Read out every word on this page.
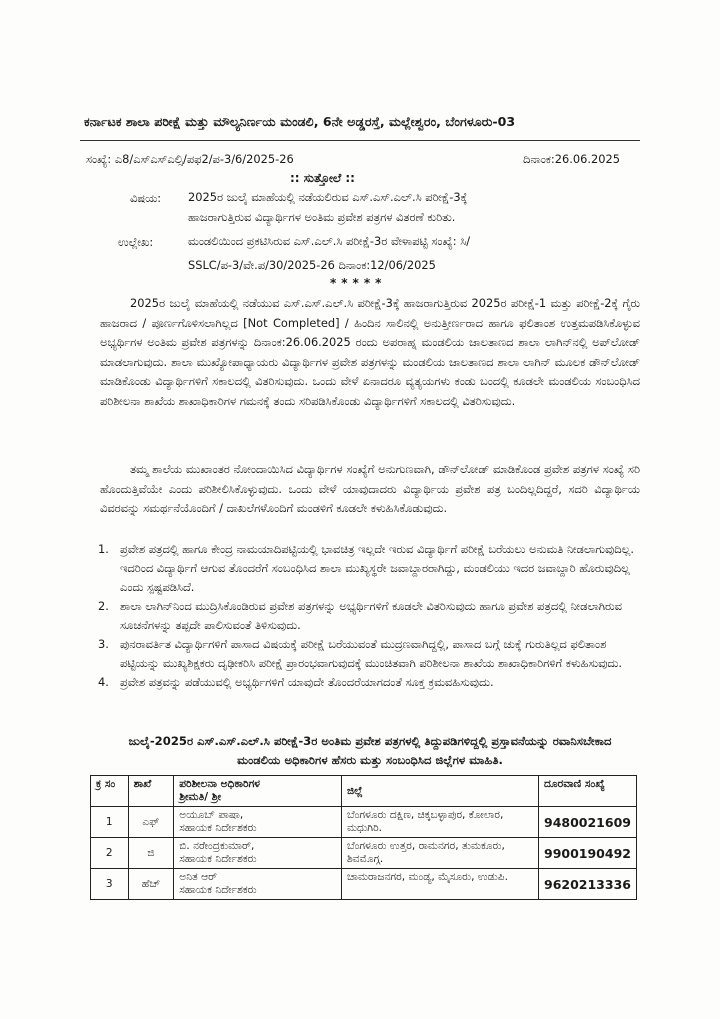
ಕರ್ನಾಟಕ ಶಾಲಾ ಪರೀಕ್ಷೆ ಮತ್ತು ಮೌಲ್ಯನಿರ್ಣಯ ಮಂಡಲಿ, 6ನೇ ಅಡ್ಡರಸ್ತೆ, ಮಲ್ಲೇಶ್ವರಂ, ಬೆಂಗಳೂರು-03
ಸಂಖ್ಯೆ: ಎ8/ಎಸ್ಎಸ್ಎಲ್ಸಿ/ಪಫ2/ಪ-3/6/2025-26	ದಿನಾಂಕ:26.06.2025
:: ಸುತ್ತೋಲೆ ::
ವಿಷಯ: 2025ರ ಜುಲೈ ಮಾಹೆಯಲ್ಲಿ ನಡೆಯಲಿರುವ ಎಸ್.ಎಸ್.ಎಲ್.ಸಿ ಪರೀಕ್ಷೆ-3ಕ್ಕೆ
ಹಾಜರಾಗುತ್ತಿರುವ ವಿದ್ಯಾರ್ಥಿಗಳ ಅಂತಿಮ ಪ್ರವೇಶ ಪತ್ರಗಳ ವಿತರಣೆ ಕುರಿತು.
ಉಲ್ಲೇಖ:	ಮಂಡಲಿಯಿಂದ ಪ್ರಕಟಿಸಿರುವ ಎಸ್.ಎಲ್.ಸಿ ಪರೀಕ್ಷೆ-3ರ ವೇಳಾಪಟ್ಟಿ ಸಂಖ್ಯೆ: ಸಿ/
SSLC/ಪ-3/ವೇ.ಪ/30/2025-26 ದಿನಾಂಕ:12/06/2025
*****
2025ರ ಜುಲೈ ಮಾಹೆಯಲ್ಲಿ ನಡೆಯುವ ಎಸ್.ಎಸ್.ಎಲ್.ಸಿ ಪರೀಕ್ಷೆ-3ಕ್ಕೆ ಹಾಜರಾಗುತ್ತಿರುವ 2025ರ ಪರೀಕ್ಷೆ-1 ಮತ್ತು ಪರೀಕ್ಷೆ-2ಕ್ಕೆ ಗೈರು ಹಾಜರಾದ / ಪೂರ್ಣಗೊಳಿಸಲಾಗಿಲ್ಲದ [Not Completed] / ಹಿಂದಿನ ಸಾಲಿನಲ್ಲಿ ಅನುತ್ತೀರ್ಣರಾದ ಹಾಗೂ ಫಲಿತಾಂಶ ಉತ್ತಮಪಡಿಸಿಕೊಳ್ಳುವ ಅಭ್ಯರ್ಥಿಗಳ ಅಂತಿಮ ಪ್ರವೇಶ ಪತ್ರಗಳನ್ನು ದಿನಾಂಕ:26.06.2025 ರಂದು ಅಪರಾಹ್ನ ಮಂಡಲಿಯ ಜಾಲತಾಣದ ಶಾಲಾ ಲಾಗಿನ್‌ನಲ್ಲಿ ಅಪ್‌ಲೋಡ್ ಮಾಡಲಾಗುವುದು. ಶಾಲಾ ಮುಖ್ಯೋಪಾಧ್ಯಾಯರು ವಿದ್ಯಾರ್ಥಿಗಳ ಪ್ರವೇಶ ಪತ್ರಗಳನ್ನು ಮಂಡಲಿಯ ಜಾಲತಾಣದ ಶಾಲಾ ಲಾಗಿನ್ ಮೂಲಕ ಡೌನ್‌ಲೋಡ್ ಮಾಡಿಕೊಂಡು ವಿದ್ಯಾರ್ಥಿಗಳಿಗೆ ಸಕಾಲದಲ್ಲಿ ವಿತರಿಸುವುದು. ಒಂದು ವೇಳೆ ಏನಾದರೂ ವ್ಯತ್ಯಯಗಳು ಕಂಡು ಬಂದಲ್ಲಿ ಕೂಡಲೇ ಮಂಡಲಿಯ ಸಂಬಂಧಿಸಿದ ಪರಿಶೀಲನಾ ಶಾಖೆಯ ಶಾಖಾಧಿಕಾರಿಗಳ ಗಮನಕ್ಕೆ ತಂದು ಸರಿಪಡಿಸಿಕೊಂಡು ವಿದ್ಯಾರ್ಥಿಗಳಿಗೆ ಸಕಾಲದಲ್ಲಿ ವಿತರಿಸುವುದು.
ತಮ್ಮ ಶಾಲೆಯ ಮುಖಾಂತರ ನೋಂದಾಯಿಸಿದ ವಿದ್ಯಾರ್ಥಿಗಳ ಸಂಖ್ಯೆಗೆ ಅನುಗುಣವಾಗಿ, ಡೌನ್‌ಲೋಡ್ ಮಾಡಿಕೊಂಡ ಪ್ರವೇಶ ಪತ್ರಗಳ ಸಂಖ್ಯೆ ಸರಿ ಹೊಂದುತ್ತಿವೆಯೇ ಎಂದು ಪರಿಶೀಲಿಸಿಕೊಳ್ಳುವುದು. ಒಂದು ವೇಳೆ ಯಾವುದಾದರು ವಿದ್ಯಾರ್ಥಿಯ ಪ್ರವೇಶ ಪತ್ರ ಬಂದಿಲ್ಲದಿದ್ದರೆ, ಸದರಿ ವಿದ್ಯಾರ್ಥಿಯ ವಿವರವನ್ನು ಸಮರ್ಥನೆಯೊಂದಿಗೆ / ದಾಖಲೆಗಳೊಂದಿಗೆ ಮಂಡಳಿಗೆ ಕೂಡಲೇ ಕಳುಹಿಸಿಕೊಡುವುದು.
1. ಪ್ರವೇಶ ಪತ್ರದಲ್ಲಿ ಹಾಗೂ ಕೇಂದ್ರ ನಾಮಯಾದಿಪಟ್ಟಿಯಲ್ಲಿ ಭಾವಚಿತ್ರ ಇಲ್ಲದೇ ಇರುವ ವಿದ್ಯಾರ್ಥಿಗೆ ಪರೀಕ್ಷೆ ಬರೆಯಲು ಅನುಮತಿ ನೀಡಲಾಗುವುದಿಲ್ಲ. ಇದರಿಂದ ವಿದ್ಯಾರ್ಥಿಗೆ ಆಗುವ ತೊಂದರೆಗೆ ಸಂಬಂಧಿಸಿದ ಶಾಲಾ ಮುಖ್ಯಸ್ಥರೇ ಜವಾಬ್ದಾರರಾಗಿದ್ದು, ಮಂಡಲಿಯು ಇದರ ಜವಾಬ್ದಾರಿ ಹೊರುವುದಿಲ್ಲ ಎಂದು ಸ್ಪಷ್ಟಪಡಿಸಿದೆ.
2. ಶಾಲಾ ಲಾಗಿನ್‌ನಿಂದ ಮುದ್ರಿಸಿಕೊಂಡಿರುವ ಪ್ರವೇಶ ಪತ್ರಗಳನ್ನು ಅಭ್ಯರ್ಥಿಗಳಿಗೆ ಕೂಡಲೇ ವಿತರಿಸುವುದು ಹಾಗೂ ಪ್ರವೇಶ ಪತ್ರದಲ್ಲಿ ನೀಡಲಾಗಿರುವ ಸೂಚನೆಗಳನ್ನು ತಪ್ಪದೇ ಪಾಲಿಸುವಂತೆ ತಿಳಿಸುವುದು.
3. ಪುನರಾವರ್ತಿತ ವಿದ್ಯಾರ್ಥಿಗಳಿಗೆ ಪಾಸಾದ ವಿಷಯಕ್ಕೆ ಪರೀಕ್ಷೆ ಬರೆಯುವಂತೆ ಮುದ್ರಣವಾಗಿದ್ದಲ್ಲಿ, ಪಾಸಾದ ಬಗ್ಗೆ ಚುಕ್ಕೆ ಗುರುತಿಲ್ಲದ ಫಲಿತಾಂಶ ಪಟ್ಟಿಯನ್ನು ಮುಖ್ಯಶಿಕ್ಷಕರು ದೃಢೀಕರಿಸಿ ಪರೀಕ್ಷೆ ಪ್ರಾರಂಭವಾಗುವುದಕ್ಕೆ ಮುಂಚಿತವಾಗಿ ಪರಿಶೀಲನಾ ಶಾಖೆಯ ಶಾಖಾಧಿಕಾರಿಗಳಿಗೆ ಕಳುಹಿಸುವುದು.
4. ಪ್ರವೇಶ ಪತ್ರವನ್ನು ಪಡೆಯುವಲ್ಲಿ ಅಭ್ಯರ್ಥಿಗಳಿಗೆ ಯಾವುದೇ ತೊಂದರೆಯಾಗದಂತೆ ಸೂಕ್ತ ಕ್ರಮವಹಿಸುವುದು.
ಜುಲೈ-2025ರ ಎಸ್.ಎಸ್.ಎಲ್.ಸಿ ಪರೀಕ್ಷೆ-3ರ ಅಂತಿಮ ಪ್ರವೇಶ ಪತ್ರಗಳಲ್ಲಿ ತಿದ್ದುಪಡಿಗಳಿದ್ದಲ್ಲಿ ಪ್ರಸ್ತಾವನೆಯನ್ನು ರವಾನಿಸಬೇಕಾದ ಮಂಡಲಿಯ ಅಧಿಕಾರಿಗಳ ಹೆಸರು ಮತ್ತು ಸಂಬಂಧಿಸಿದ ಜಿಲ್ಲೆಗಳ ಮಾಹಿತಿ.
ಕ್ರ ಸಂ	ಶಾಖೆ	ಪರಿಶೀಲನಾ ಅಧಿಕಾರಿಗಳ
ಶ್ರೀಮತಿ/ ಶ್ರೀ	ಜಿಲ್ಲೆ	ದೂರವಾಣಿ ಸಂಖ್ಯೆ
1	ಎಫ್	ಅಯೂಬ್ ಪಾಷಾ,
ಸಹಾಯಕ ನಿರ್ದೇಶಕರು	ಬೆಂಗಳೂರು ದಕ್ಷಿಣ, ಚಿಕ್ಕಬಳ್ಳಾಪುರ, ಕೋಲಾರ, ಮಧುಗಿರಿ.	9480021609
2	ಜಿ	ಬಿ. ನರೇಂದ್ರಕುಮಾರ್,
ಸಹಾಯಕ ನಿರ್ದೇಶಕರು	ಬೆಂಗಳೂರು ಉತ್ತರ, ರಾಮನಗರ, ತುಮಕೂರು, ಶಿವಮೊಗ್ಗ.	9900190492
3	ಹೆಚ್	ಅನಿತ ಆರ್
ಸಹಾಯಕ ನಿರ್ದೇಶಕರು	ಚಾಮರಾಜನಗರ, ಮಂಡ್ಯ, ಮೈಸೂರು, ಉಡುಪಿ.	9620213336
